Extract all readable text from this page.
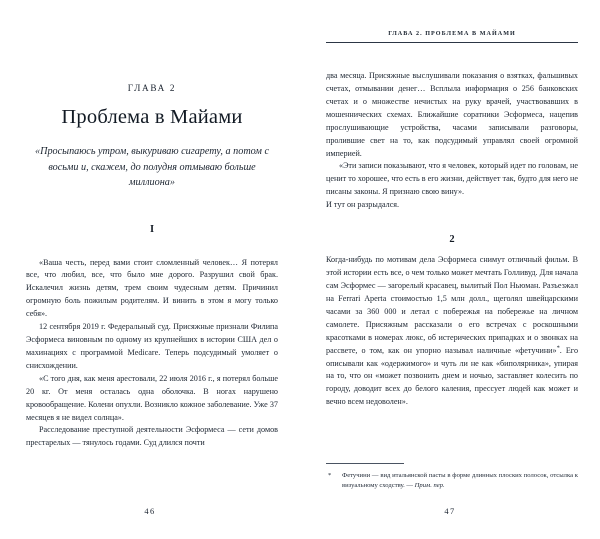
ГЛАВА 2
Проблема в Майами
«Просыпаюсь утром, выкуриваю сигарету, а потом с восьми и, скажем, до полудня отмываю больше миллиона»
I

«Ваша честь, перед вами стоит сломленный человек… Я потерял все, что любил, все, что было мне дорого. Разрушил свой брак. Искалечил жизнь детям, трем своим чудесным детям. Причинил огромную боль пожилым родителям. И винить в этом я могу только себя».

12 сентября 2019 г. Федеральный суд. Присяжные признали Филипа Эсформеса виновным по одному из крупнейших в истории США дел о махинациях с программой Medicare. Теперь подсудимый умоляет о снисхождении.

«С того дня, как меня арестовали, 22 июля 2016 г., я потерял больше 20 кг. От меня осталась одна оболочка. В ногах нарушено кровообращение. Колени опухли. Возникло кожное заболевание. Уже 37 месяцев я не видел солнца».

Расследование преступной деятельности Эсформеса — сети домов престарелых — тянулось годами. Суд длился почти

46
ГЛАВА 2. ПРОБЛЕМА В МАЙАМИ

два месяца. Присяжные выслушивали показания о взятках, фальшивых счетах, отмывании денег… Всплыла информация о 256 банковских счетах и о множестве нечистых на руку врачей, участвовавших в мошеннических схемах. Ближайшие соратники Эсформеса, нацепив прослушивающие устройства, часами записывали разговоры, пролившие свет на то, как подсудимый управлял своей огромной империей.

«Эти записи показывают, что я человек, который идет по головам, не ценит то хорошее, что есть в его жизни, действует так, будто для него не писаны законы. Я признаю свою вину».

И тут он разрыдался.

2

Когда-нибудь по мотивам дела Эсформеса снимут отличный фильм. В этой истории есть все, о чем только может мечтать Голливуд. Для начала сам Эсформес — загорелый красавец, вылитый Пол Ньюман. Разъезжал на Ferrari Aperta стоимостью 1,5 млн долл., щеголял швейцарскими часами за 360 000 и летал с побережья на побережье на личном самолете. Присяжным рассказали о его встречах с роскошными красотками в номерах люкс, об истерических припадках и о звонках на рассвете, о том, как он упорно называл наличные «фетучини»*. Его описывали как «одержимого» и чуть ли не как «биполярника», упирая на то, что он «может позвонить днем и ночью, заставляет колесить по городу, доводит всех до белого каления, прессует людей как может и вечно всем недоволен».

*	Фетучини — вид итальянской пасты в форме длинных плоских полосок, отсылка к визуальному сходству. — Прим. пер.
47
